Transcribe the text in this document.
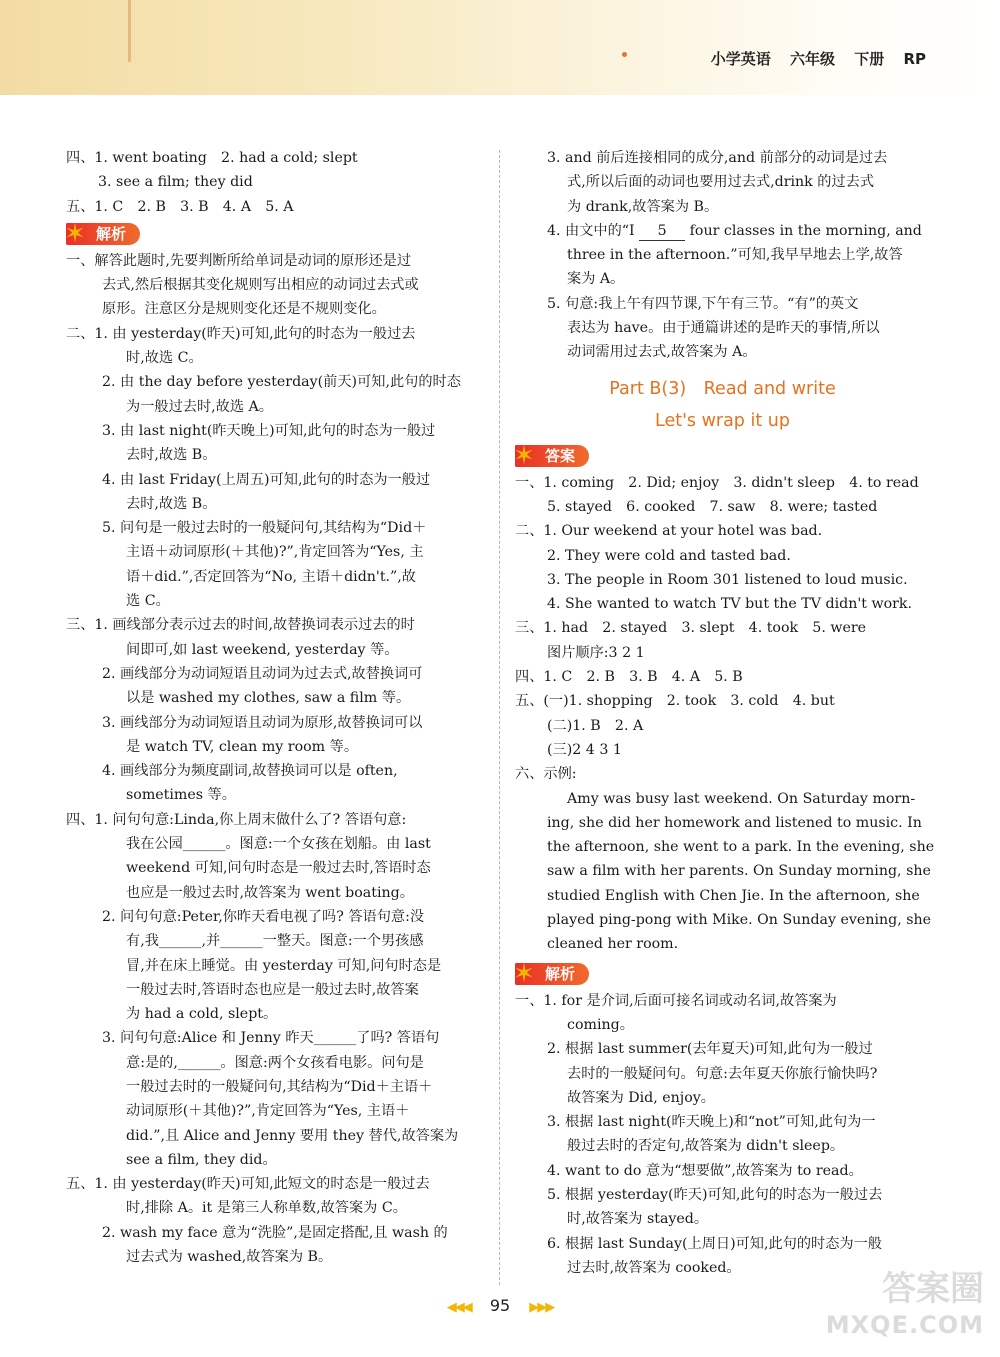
小学英语 六年级 下册 RP
四、1. went boating　2. had a cold; slept
3. see a film; they did
五、1. C　2. B　3. B　4. A　5. A
✶ 解析
一、解答此题时,先要判断所给单词是动词的原形还是过
去式,然后根据其变化规则写出相应的动词过去式或
原形。注意区分是规则变化还是不规则变化。
二、1. 由 yesterday(昨天)可知,此句的时态为一般过去
时,故选 C。
2. 由 the day before yesterday(前天)可知,此句的时态
为一般过去时,故选 A。
3. 由 last night(昨天晚上)可知,此句的时态为一般过
去时,故选 B。
4. 由 last Friday(上周五)可知,此句的时态为一般过
去时,故选 B。
5. 问句是一般过去时的一般疑问句,其结构为“Did＋
主语＋动词原形(＋其他)?”,肯定回答为“Yes, 主
语＋did.”,否定回答为“No, 主语＋didn't.”,故
选 C。
三、1. 画线部分表示过去的时间,故替换词表示过去的时
间即可,如 last weekend, yesterday 等。
2. 画线部分为动词短语且动词为过去式,故替换词可
以是 washed my clothes, saw a film 等。
3. 画线部分为动词短语且动词为原形,故替换词可以
是 watch TV, clean my room 等。
4. 画线部分为频度副词,故替换词可以是 often,
sometimes 等。
四、1. 问句句意:Linda,你上周末做什么了? 答语句意:
我在公园______。图意:一个女孩在划船。由 last
weekend 可知,问句时态是一般过去时,答语时态
也应是一般过去时,故答案为 went boating。
2. 问句句意:Peter,你昨天看电视了吗? 答语句意:没
有,我______,并______一整天。图意:一个男孩感
冒,并在床上睡觉。由 yesterday 可知,问句时态是
一般过去时,答语时态也应是一般过去时,故答案
为 had a cold, slept。
3. 问句句意:Alice 和 Jenny 昨天______了吗? 答语句
意:是的,______。图意:两个女孩看电影。问句是
一般过去时的一般疑问句,其结构为“Did＋主语＋
动词原形(＋其他)?”,肯定回答为“Yes, 主语＋
did.”,且 Alice and Jenny 要用 they 替代,故答案为
see a film, they did。
五、1. 由 yesterday(昨天)可知,此短文的时态是一般过去
时,排除 A。it 是第三人称单数,故答案为 C。
2. wash my face 意为“洗脸”,是固定搭配,且 wash 的
过去式为 washed,故答案为 B。
3. and 前后连接相同的成分,and 前部分的动词是过去
式,所以后面的动词也要用过去式,drink 的过去式
为 drank,故答案为 B。
4. 由文中的“I 5 four classes in the morning, and
three in the afternoon.”可知,我早早地去上学,故答
案为 A。
5. 句意:我上午有四节课,下午有三节。“有”的英文
表达为 have。由于通篇讲述的是昨天的事情,所以
动词需用过去式,故答案为 A。
Part B(3)　Read and write
Let's wrap it up
✶ 答案
一、1. coming　2. Did; enjoy　3. didn't sleep　4. to read
5. stayed　6. cooked　7. saw　8. were; tasted
二、1. Our weekend at your hotel was bad.
2. They were cold and tasted bad.
3. The people in Room 301 listened to loud music.
4. She wanted to watch TV but the TV didn't work.
三、1. had　2. stayed　3. slept　4. took　5. were
图片顺序:3 2 1
四、1. C　2. B　3. B　4. A　5. B
五、(一)1. shopping　2. took　3. cold　4. but
(二)1. B　2. A
(三)2 4 3 1
六、示例:
Amy was busy last weekend. On Saturday morn-
ing, she did her homework and listened to music. In
the afternoon, she went to a park. In the evening, she
saw a film with her parents. On Sunday morning, she
studied English with Chen Jie. In the afternoon, she
played ping-pong with Mike. On Sunday evening, she
cleaned her room.
✶ 解析
一、1. for 是介词,后面可接名词或动名词,故答案为
coming。
2. 根据 last summer(去年夏天)可知,此句为一般过
去时的一般疑问句。句意:去年夏天你旅行愉快吗?
故答案为 Did, enjoy。
3. 根据 last night(昨天晚上)和“not”可知,此句为一
般过去时的否定句,故答案为 didn't sleep。
4. want to do 意为“想要做”,故答案为 to read。
5. 根据 yesterday(昨天)可知,此句的时态为一般过去
时,故答案为 stayed。
6. 根据 last Sunday(上周日)可知,此句的时态为一般
过去时,故答案为 cooked。
◀◀◀ 95 ▶▶▶	答案圈
MXQE.COM
